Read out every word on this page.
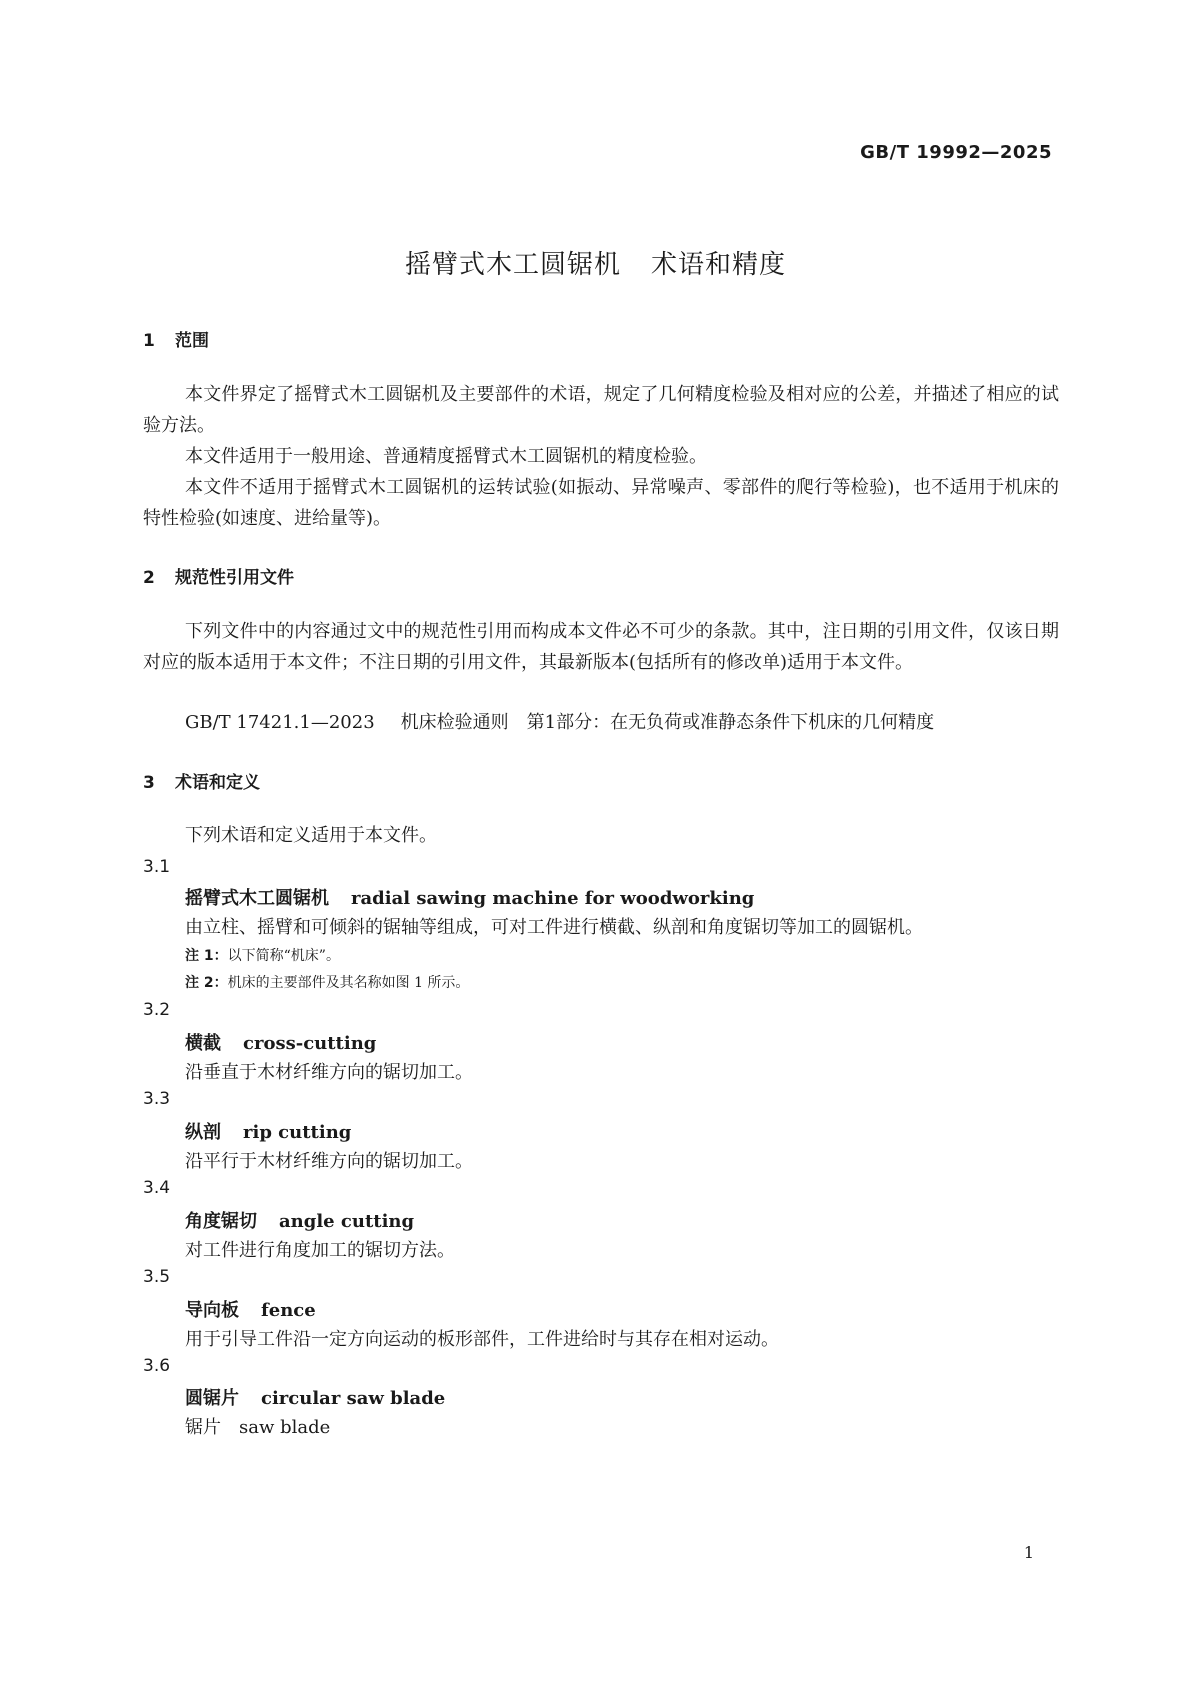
GB/T 19992—2025
摇臂式木工圆锯机 术语和精度
1 范围

本文件界定了摇臂式木工圆锯机及主要部件的术语，规定了几何精度检验及相对应的公差，并描述了相应的试验方法。

本文件适用于一般用途、普通精度摇臂式木工圆锯机的精度检验。

本文件不适用于摇臂式木工圆锯机的运转试验(如振动、异常噪声、零部件的爬行等检验)，也不适用于机床的特性检验(如速度、进给量等)。

2 规范性引用文件

下列文件中的内容通过文中的规范性引用而构成本文件必不可少的条款。其中，注日期的引用文件，仅该日期对应的版本适用于本文件；不注日期的引用文件，其最新版本(包括所有的修改单)适用于本文件。

GB/T 17421.1—2023 机床检验通则　第1部分：在无负荷或准静态条件下机床的几何精度
3 术语和定义
下列术语和定义适用于本文件。
3.1
摇臂式木工圆锯机 radial sawing machine for woodworking
由立柱、摇臂和可倾斜的锯轴等组成，可对工件进行横截、纵剖和角度锯切等加工的圆锯机。
注 1：以下简称“机床”。
注 2：机床的主要部件及其名称如图 1 所示。
3.2
横截 cross-cutting
沿垂直于木材纤维方向的锯切加工。
3.3
纵剖 rip cutting
沿平行于木材纤维方向的锯切加工。
3.4
角度锯切 angle cutting
对工件进行角度加工的锯切方法。
3.5
导向板 fence
用于引导工件沿一定方向运动的板形部件，工件进给时与其存在相对运动。
3.6
圆锯片 circular saw blade
锯片　saw blade
1
